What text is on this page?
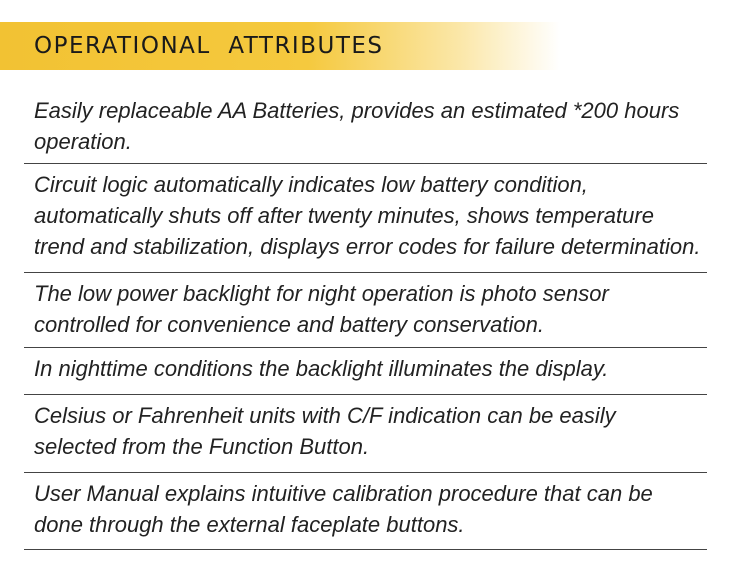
OPERATIONAL  ATTRIBUTES

Easily replaceable AA Batteries, provides an estimated *200 hours
operation.

Circuit logic automatically indicates low battery condition,
automatically shuts off after twenty minutes, shows temperature
trend and stabilization, displays error codes for failure determination.

The low power backlight for night operation is photo sensor
controlled for convenience and battery conservation.

In nighttime conditions the backlight illuminates the display.

Celsius or Fahrenheit units with C/F indication can be easily
selected from the Function Button.

User Manual explains intuitive calibration procedure that can be
done through the external faceplate buttons.
